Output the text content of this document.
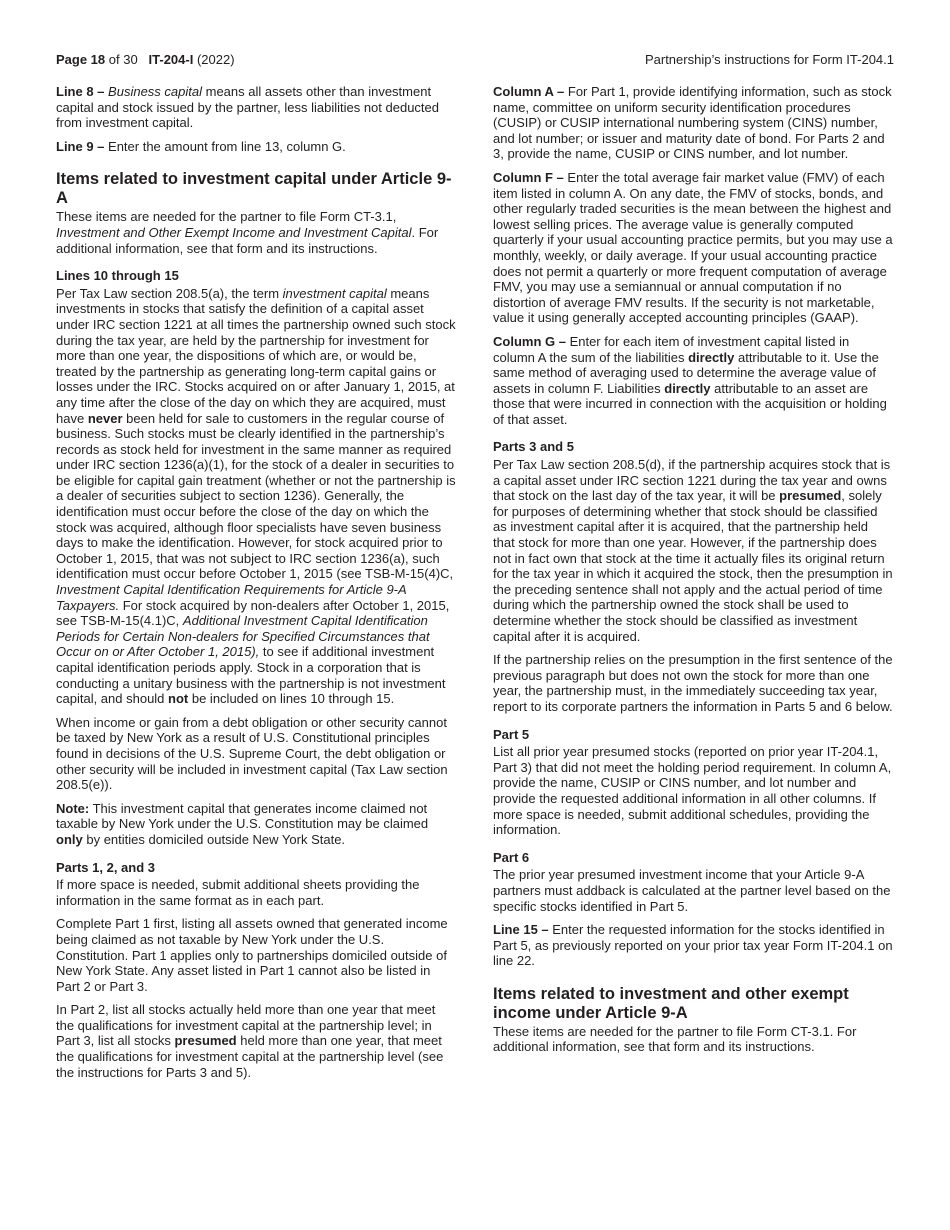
Page 18 of 30 IT-204-I (2022)	Partnership’s instructions for Form IT-204.1

Line 8 – Business capital means all assets other than investment capital and stock issued by the partner, less liabilities not deducted from investment capital.

Line 9 – Enter the amount from line 13, column G.

Items related to investment capital under Article 9-A

These items are needed for the partner to file Form CT-3.1, Investment and Other Exempt Income and Investment Capital. For additional information, see that form and its instructions.

Lines 10 through 15

Per Tax Law section 208.5(a), the term investment capital means investments in stocks that satisfy the definition of a capital asset under IRC section 1221 at all times the partnership owned such stock during the tax year, are held by the partnership for investment for more than one year, the dispositions of which are, or would be, treated by the partnership as generating long-term capital gains or losses under the IRC. Stocks acquired on or after January 1, 2015, at any time after the close of the day on which they are acquired, must have never been held for sale to customers in the regular course of business. Such stocks must be clearly identified in the partnership’s records as stock held for investment in the same manner as required under IRC section 1236(a)(1), for the stock of a dealer in securities to be eligible for capital gain treatment (whether or not the partnership is a dealer of securities subject to section 1236). Generally, the identification must occur before the close of the day on which the stock was acquired, although floor specialists have seven business days to make the identification. However, for stock acquired prior to October 1, 2015, that was not subject to IRC section 1236(a), such identification must occur before October 1, 2015 (see TSB-M-15(4)C, Investment Capital Identification Requirements for Article 9-A Taxpayers. For stock acquired by non-dealers after October 1, 2015, see TSB-M-15(4.1)C, Additional Investment Capital Identification Periods for Certain Non-dealers for Specified Circumstances that Occur on or After October 1, 2015), to see if additional investment capital identification periods apply. Stock in a corporation that is conducting a unitary business with the partnership is not investment capital, and should not be included on lines 10 through 15.

When income or gain from a debt obligation or other security cannot be taxed by New York as a result of U.S. Constitutional principles found in decisions of the U.S. Supreme Court, the debt obligation or other security will be included in investment capital (Tax Law section 208.5(e)).

Note: This investment capital that generates income claimed not taxable by New York under the U.S. Constitution may be claimed only by entities domiciled outside New York State.

Parts 1, 2, and 3

If more space is needed, submit additional sheets providing the information in the same format as in each part.

Complete Part 1 first, listing all assets owned that generated income being claimed as not taxable by New York under the U.S. Constitution. Part 1 applies only to partnerships domiciled outside of New York State. Any asset listed in Part 1 cannot also be listed in Part 2 or Part 3.

In Part 2, list all stocks actually held more than one year that meet the qualifications for investment capital at the partnership level; in Part 3, list all stocks presumed held more than one year, that meet the qualifications for investment capital at the partnership level (see the instructions for Parts 3 and 5).

Column A – For Part 1, provide identifying information, such as stock name, committee on uniform security identification procedures (CUSIP) or CUSIP international numbering system (CINS) number, and lot number; or issuer and maturity date of bond. For Parts 2 and 3, provide the name, CUSIP or CINS number, and lot number.

Column F – Enter the total average fair market value (FMV) of each item listed in column A. On any date, the FMV of stocks, bonds, and other regularly traded securities is the mean between the highest and lowest selling prices. The average value is generally computed quarterly if your usual accounting practice permits, but you may use a monthly, weekly, or daily average. If your usual accounting practice does not permit a quarterly or more frequent computation of average FMV, you may use a semiannual or annual computation if no distortion of average FMV results. If the security is not marketable, value it using generally accepted accounting principles (GAAP).

Column G – Enter for each item of investment capital listed in column A the sum of the liabilities directly attributable to it. Use the same method of averaging used to determine the average value of assets in column F. Liabilities directly attributable to an asset are those that were incurred in connection with the acquisition or holding of that asset.

Parts 3 and 5

Per Tax Law section 208.5(d), if the partnership acquires stock that is a capital asset under IRC section 1221 during the tax year and owns that stock on the last day of the tax year, it will be presumed, solely for purposes of determining whether that stock should be classified as investment capital after it is acquired, that the partnership held that stock for more than one year. However, if the partnership does not in fact own that stock at the time it actually files its original return for the tax year in which it acquired the stock, then the presumption in the preceding sentence shall not apply and the actual period of time during which the partnership owned the stock shall be used to determine whether the stock should be classified as investment capital after it is acquired.

If the partnership relies on the presumption in the first sentence of the previous paragraph but does not own the stock for more than one year, the partnership must, in the immediately succeeding tax year, report to its corporate partners the information in Parts 5 and 6 below.

Part 5

List all prior year presumed stocks (reported on prior year IT-204.1, Part 3) that did not meet the holding period requirement. In column A, provide the name, CUSIP or CINS number, and lot number and provide the requested additional information in all other columns. If more space is needed, submit additional schedules, providing the information.

Part 6

The prior year presumed investment income that your Article 9-A partners must addback is calculated at the partner level based on the specific stocks identified in Part 5.

Line 15 – Enter the requested information for the stocks identified in Part 5, as previously reported on your prior tax year Form IT-204.1 on line 22.

Items related to investment and other exempt income under Article 9-A

These items are needed for the partner to file Form CT-3.1. For additional information, see that form and its instructions.
